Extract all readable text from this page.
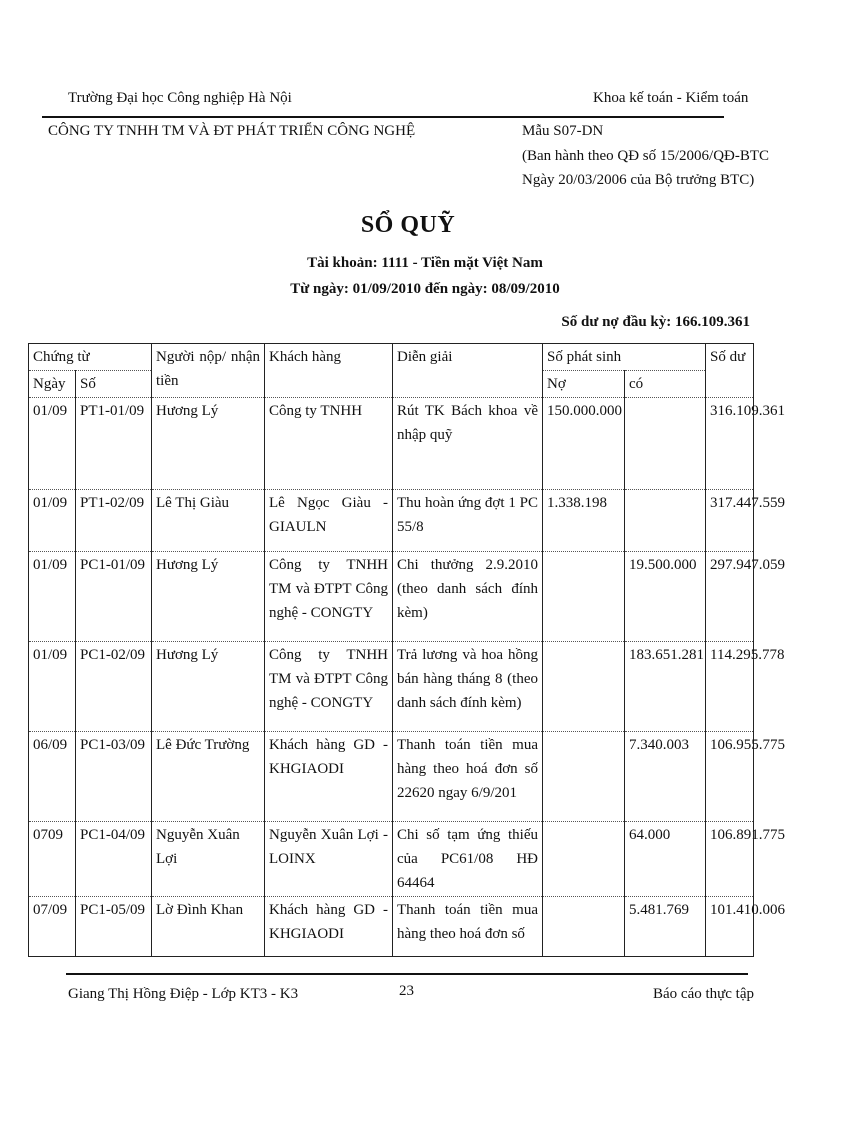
Trường Đại học Công nghiệp Hà Nội	Khoa kế toán - Kiểm toán
CÔNG TY TNHH TM VÀ ĐT PHÁT TRIỂN CÔNG NGHỆ	Mẫu S07-DN
(Ban hành theo QĐ số 15/2006/QĐ-BTC
Ngày 20/03/2006 của Bộ trưởng BTC)
SỔ QUỸ
Tài khoản: 1111 - Tiền mặt Việt Nam
Từ ngày: 01/09/2010 đến ngày: 08/09/2010
Số dư nợ đầu kỳ: 166.109.361
Chứng từ		Người nộp/ nhận tiền	Khách hàng	Diễn giải	Số phát sinh		Số dư
Ngày	Số				Nợ	có	
01/09	PT1-01/09	Hương Lý	Công ty TNHH	Rút TK Bách khoa về nhập quỹ	150.000.000		316.109.361
01/09	PT1-02/09	Lê Thị Giàu	Lê Ngọc Giàu - GIAULN	Thu hoàn ứng đợt 1 PC 55/8	1.338.198		317.447.559
01/09	PC1-01/09	Hương Lý	Công ty TNHH TM và ĐTPT Công nghệ - CONGTY	Chi thưởng 2.9.2010 (theo danh sách đính kèm)		19.500.000	297.947.059
01/09	PC1-02/09	Hương Lý	Công ty TNHH TM và ĐTPT Công nghệ - CONGTY	Trả lương và hoa hồng bán hàng tháng 8 (theo danh sách đính kèm)		183.651.281	114.295.778
06/09	PC1-03/09	Lê Đức Trường	Khách hàng GD - KHGIAODI	Thanh toán tiền mua hàng theo hoá đơn số 22620 ngay 6/9/201		7.340.003	106.955.775
0709	PC1-04/09	Nguyễn Xuân Lợi	Nguyễn Xuân Lợi - LOINX	Chi số tạm ứng thiếu của PC61/08 HĐ 64464		64.000	106.891.775
07/09	PC1-05/09	Lờ Đình Khan	Khách hàng GD - KHGIAODI	Thanh toán tiền mua hàng theo hoá đơn số		5.481.769	101.410.006
Giang Thị Hồng Điệp - Lớp KT3 - K3	23	Báo cáo thực tập
